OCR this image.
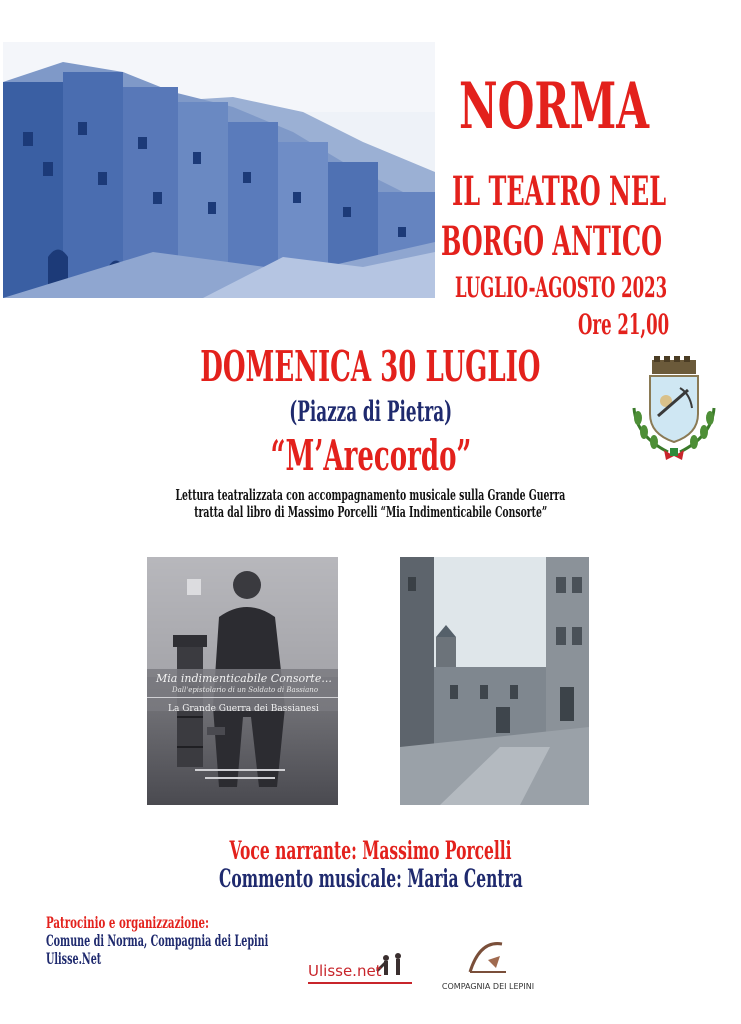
NORMA
IL TEATRO NEL
BORGO ANTICO
LUGLIO-AGOSTO 2023
Ore 21,00
DOMENICA 30 LUGLIO
(Piazza di Pietra)
“M’Arecordo”
Lettura teatralizzata con accompagnamento musicale sulla Grande Guerra
tratta dal libro di Massimo Porcelli “Mia Indimenticabile Consorte”
Mia indimenticabile Consorte...
Dall'epistolario di un Soldato di Bassiano
La Grande Guerra dei Bassianesi
Voce narrante: Massimo Porcelli
Commento musicale: Maria Centra
Patrocinio e organizzazione:
Comune di Norma, Compagnia dei Lepini
Ulisse.Net
Ulisse.net
COMPAGNIA DEI LEPINI
